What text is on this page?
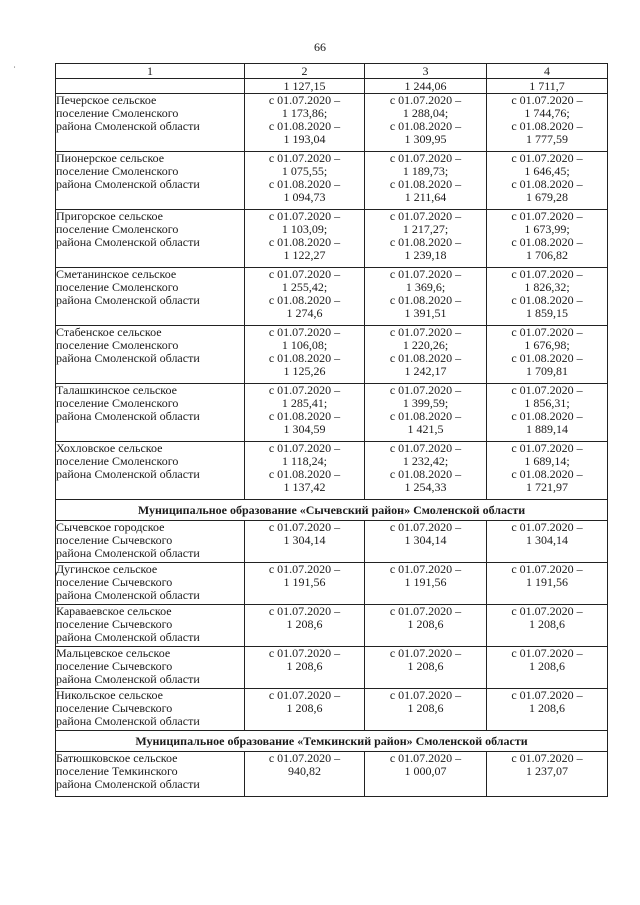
66
·	1	2	3	4
	1 127,15	1 244,06	1 711,7

Печерское сельское
поселение Смоленского
района Смоленской области	с 01.07.2020 –
1 173,86;
с 01.08.2020 –
1 193,04	с 01.07.2020 –
1 288,04;
с 01.08.2020 –
1 309,95	с 01.07.2020 –
1 744,76;
с 01.08.2020 –
1 777,59

Пионерское сельское
поселение Смоленского
района Смоленской области	с 01.07.2020 –
1 075,55;
с 01.08.2020 –
1 094,73	с 01.07.2020 –
1 189,73;
с 01.08.2020 –
1 211,64	с 01.07.2020 –
1 646,45;
с 01.08.2020 –
1 679,28

Пригорское сельское
поселение Смоленского
района Смоленской области	с 01.07.2020 –
1 103,09;
с 01.08.2020 –
1 122,27	с 01.07.2020 –
1 217,27;
с 01.08.2020 –
1 239,18	с 01.07.2020 –
1 673,99;
с 01.08.2020 –
1 706,82

Сметанинское сельское
поселение Смоленского
района Смоленской области	с 01.07.2020 –
1 255,42;
с 01.08.2020 –
1 274,6	с 01.07.2020 –
1 369,6;
с 01.08.2020 –
1 391,51	с 01.07.2020 –
1 826,32;
с 01.08.2020 –
1 859,15

Стабенское сельское
поселение Смоленского
района Смоленской области	с 01.07.2020 –
1 106,08;
с 01.08.2020 –
1 125,26	с 01.07.2020 –
1 220,26;
с 01.08.2020 –
1 242,17	с 01.07.2020 –
1 676,98;
с 01.08.2020 –
1 709,81

Талашкинское сельское
поселение Смоленского
района Смоленской области	с 01.07.2020 –
1 285,41;
с 01.08.2020 –
1 304,59	с 01.07.2020 –
1 399,59;
с 01.08.2020 –
1 421,5	с 01.07.2020 –
1 856,31;
с 01.08.2020 –
1 889,14

Хохловское сельское
поселение Смоленского
района Смоленской области	с 01.07.2020 –
1 118,24;
с 01.08.2020 –
1 137,42	с 01.07.2020 –
1 232,42;
с 01.08.2020 –
1 254,33	с 01.07.2020 –
1 689,14;
с 01.08.2020 –
1 721,97

Муниципальное образование «Сычевский район» Смоленской области			

Сычевское городское
поселение Сычевского
района Смоленской области	с 01.07.2020 –
1 304,14	с 01.07.2020 –
1 304,14	с 01.07.2020 –
1 304,14

Дугинское сельское
поселение Сычевского
района Смоленской области	с 01.07.2020 –
1 191,56	с 01.07.2020 –
1 191,56	с 01.07.2020 –
1 191,56

Караваевское сельское
поселение Сычевского
района Смоленской области	с 01.07.2020 –
1 208,6	с 01.07.2020 –
1 208,6	с 01.07.2020 –
1 208,6

Мальцевское сельское
поселение Сычевского
района Смоленской области	с 01.07.2020 –
1 208,6	с 01.07.2020 –
1 208,6	с 01.07.2020 –
1 208,6

Никольское сельское
поселение Сычевского
района Смоленской области	с 01.07.2020 –
1 208,6	с 01.07.2020 –
1 208,6	с 01.07.2020 –
1 208,6

Муниципальное образование «Темкинский район» Смоленской области			

Батюшковское сельское
поселение Темкинского
района Смоленской области	с 01.07.2020 –
940,82	с 01.07.2020 –
1 000,07	с 01.07.2020 –
1 237,07
